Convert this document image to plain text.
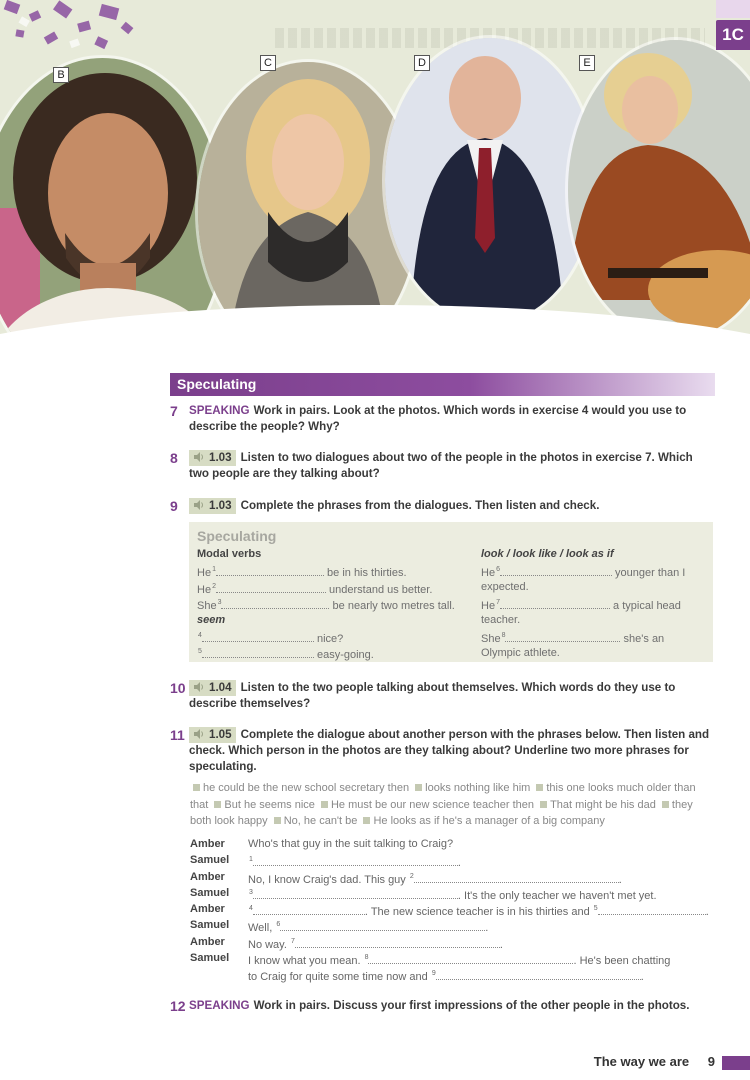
B
C	D	E
1C
Speculating
7 SPEAKING Work in pairs. Look at the photos. Which words in exercise 4 would you use to describe the people? Why?
8	1.03 Listen to two dialogues about two of the people in the photos in exercise 7. Which two people are they talking about?
9	1.03 Complete the phrases from the dialogues. Then listen and check.
Speculating
Modal verbs
He$^1$	be in his thirties.
He$^2$	understand us better.
She$^3$	be nearly two metres tall.
seem
$^4$	nice?
$^5$	easy-going.
look / look like / look as if
He$^6$	younger than I
expected.
He$^7$	a typical head
teacher.
She$^8$	she's an
Olympic athlete.
10	1.04 Listen to the two people talking about themselves. Which words do they use to describe themselves?
11	1.05 Complete the dialogue about another person with the phrases below. Then listen and check. Which person in the photos are they talking about? Underline two more phrases for speculating.
he could be the new school secretary then looks nothing like him this one looks much older than that But he seems nice He must be our new science teacher then That might be his dad they both look happy No, he can't be He looks as if he's a manager of a big company
Amber	Who's that guy in the suit talking to Craig?
Samuel	$^1$	.
Amber	No, I know Craig's dad. This guy $^2$	.
Samuel	$^3$	. It's the only teacher we haven't met yet.
Amber	$^4$	. The new science teacher is in his thirties and $^5$	.
Samuel	Well, $^6$	.
Amber	No way. $^7$	.
Samuel	I know what you mean. $^8$	. He's been chatting
to Craig for quite some time now and $^9$	.
12 SPEAKING Work in pairs. Discuss your first impressions of the other people in the photos.
The way we are	9
